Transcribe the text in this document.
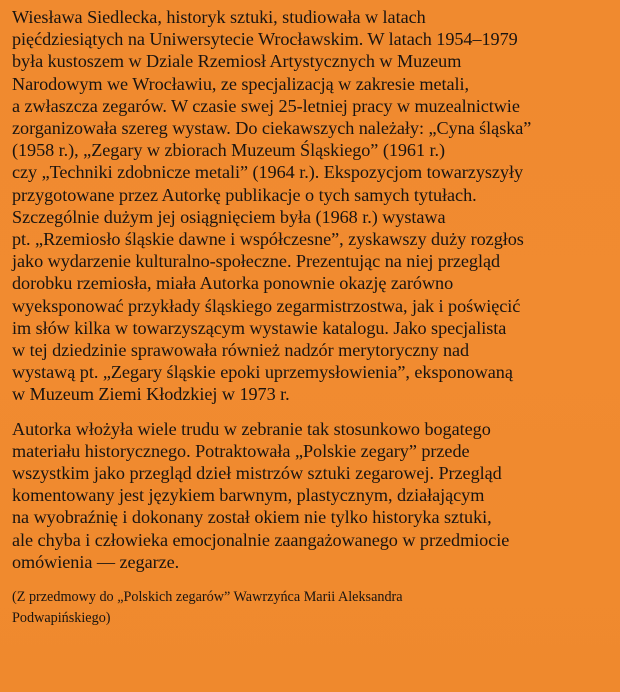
Wiesława Siedlecka, historyk sztuki, studiowała w latach
pięćdziesiątych na Uniwersytecie Wrocławskim. W latach 1954–1979
była kustoszem w Dziale Rzemiosł Artystycznych w Muzeum
Narodowym we Wrocławiu, ze specjalizacją w zakresie metali,
a zwłaszcza zegarów. W czasie swej 25-letniej pracy w muzealnictwie
zorganizowała szereg wystaw. Do ciekawszych należały: „Cyna śląska”
(1958 r.), „Zegary w zbiorach Muzeum Śląskiego” (1961 r.)
czy „Techniki zdobnicze metali” (1964 r.). Ekspozycjom towarzyszyły
przygotowane przez Autorkę publikacje o tych samych tytułach.
Szczególnie dużym jej osiągnięciem była (1968 r.) wystawa
pt. „Rzemiosło śląskie dawne i współczesne”, zyskawszy duży rozgłos
jako wydarzenie kulturalno-społeczne. Prezentując na niej przegląd
dorobku rzemiosła, miała Autorka ponownie okazję zarówno
wyeksponować przykłady śląskiego zegarmistrzostwa, jak i poświęcić
im słów kilka w towarzyszącym wystawie katalogu. Jako specjalista
w tej dziedzinie sprawowała również nadzór merytoryczny nad
wystawą pt. „Zegary śląskie epoki uprzemysłowienia”, eksponowaną
w Muzeum Ziemi Kłodzkiej w 1973 r.

Autorka włożyła wiele trudu w zebranie tak stosunkowo bogatego
materiału historycznego. Potraktowała „Polskie zegary” przede
wszystkim jako przegląd dzieł mistrzów sztuki zegarowej. Przegląd
komentowany jest językiem barwnym, plastycznym, działającym
na wyobraźnię i dokonany został okiem nie tylko historyka sztuki,
ale chyba i człowieka emocjonalnie zaangażowanego w przedmiocie
omówienia — zegarze.

(Z przedmowy do „Polskich zegarów” Wawrzyńca Marii Aleksandra
Podwapińskiego)
